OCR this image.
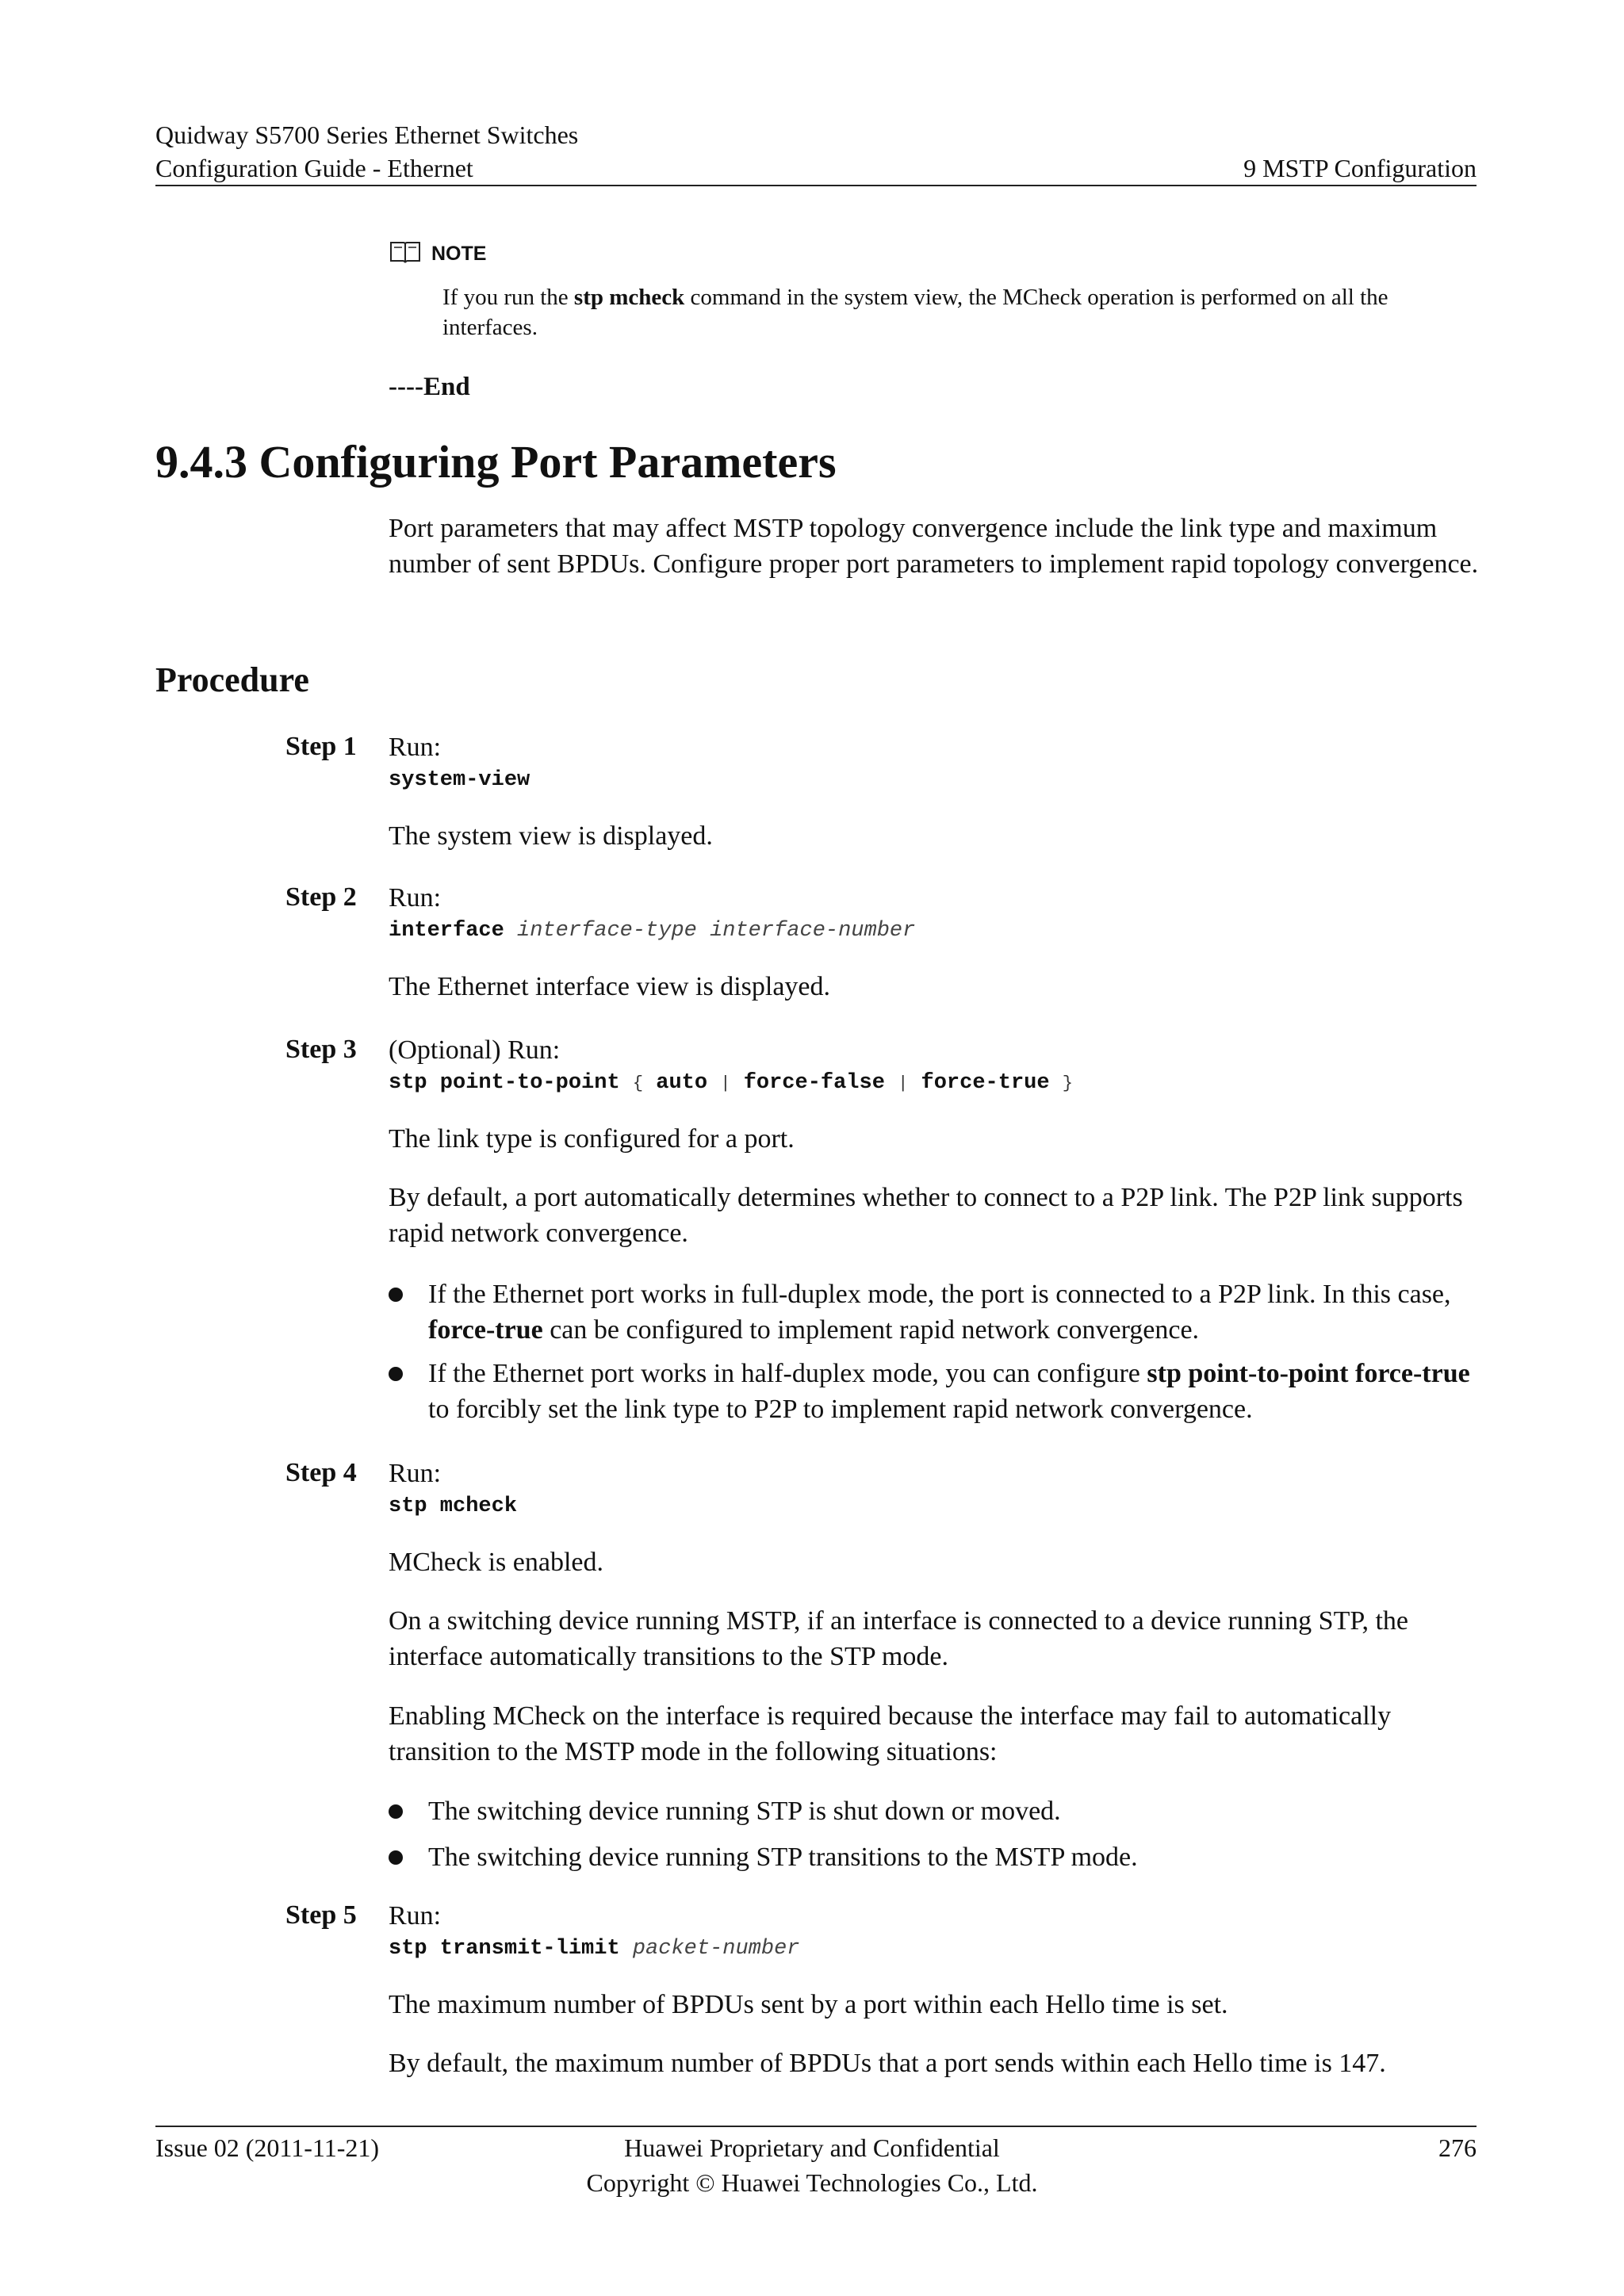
Quidway S5700 Series Ethernet Switches
Configuration Guide - Ethernet	9 MSTP Configuration
NOTE
If you run the stp mcheck command in the system view, the MCheck operation is performed on all the interfaces.
----End
9.4.3 Configuring Port Parameters
Port parameters that may affect MSTP topology convergence include the link type and maximum number of sent BPDUs. Configure proper port parameters to implement rapid topology convergence.
Procedure
Step 1	Run:
system-view
The system view is displayed.
Step 2	Run:
interface interface-type interface-number
The Ethernet interface view is displayed.
Step 3	(Optional) Run:
stp point-to-point { auto | force-false | force-true }
The link type is configured for a port.
By default, a port automatically determines whether to connect to a P2P link. The P2P link supports rapid network convergence.
If the Ethernet port works in full-duplex mode, the port is connected to a P2P link. In this case, force-true can be configured to implement rapid network convergence.
If the Ethernet port works in half-duplex mode, you can configure stp point-to-point force-true to forcibly set the link type to P2P to implement rapid network convergence.
Step 4	Run:
stp mcheck
MCheck is enabled.
On a switching device running MSTP, if an interface is connected to a device running STP, the interface automatically transitions to the STP mode.
Enabling MCheck on the interface is required because the interface may fail to automatically transition to the MSTP mode in the following situations:
The switching device running STP is shut down or moved.
The switching device running STP transitions to the MSTP mode.
Step 5	Run:
stp transmit-limit packet-number
The maximum number of BPDUs sent by a port within each Hello time is set.
By default, the maximum number of BPDUs that a port sends within each Hello time is 147.
Huawei Proprietary and Confidential
Issue 02 (2011-11-21)	276
Copyright © Huawei Technologies Co., Ltd.
